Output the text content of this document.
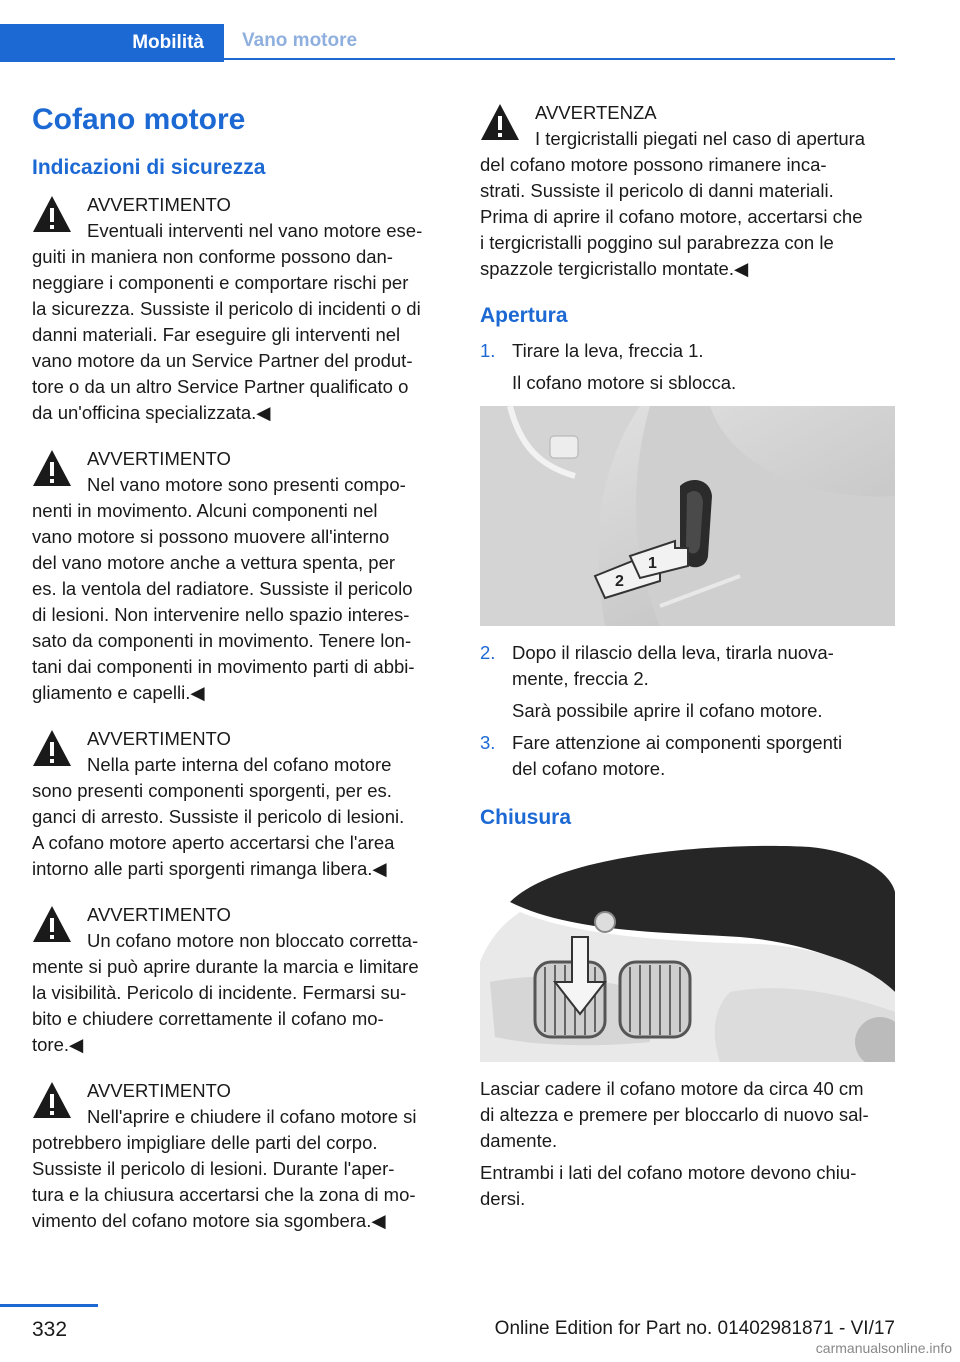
Mobilità	Vano motore
Cofano motore
Indicazioni di sicurezza
AVVERTIMENTO
Eventuali interventi nel vano motore ese-
guiti in maniera non conforme possono dan-
neggiare i componenti e comportare rischi per
la sicurezza. Sussiste il pericolo di incidenti o di
danni materiali. Far eseguire gli interventi nel
vano motore da un Service Partner del produt-
tore o da un altro Service Partner qualificato o
da un'officina specializzata.◀
AVVERTIMENTO
Nel vano motore sono presenti compo-
nenti in movimento. Alcuni componenti nel
vano motore si possono muovere all'interno
del vano motore anche a vettura spenta, per
es. la ventola del radiatore. Sussiste il pericolo
di lesioni. Non intervenire nello spazio interes-
sato da componenti in movimento. Tenere lon-
tani dai componenti in movimento parti di abbi-
gliamento e capelli.◀
AVVERTIMENTO
Nella parte interna del cofano motore
sono presenti componenti sporgenti, per es.
ganci di arresto. Sussiste il pericolo di lesioni.
A cofano motore aperto accertarsi che l'area
intorno alle parti sporgenti rimanga libera.◀
AVVERTIMENTO
Un cofano motore non bloccato corretta-
mente si può aprire durante la marcia e limitare
la visibilità. Pericolo di incidente. Fermarsi su-
bito e chiudere correttamente il cofano mo-
tore.◀
AVVERTIMENTO
Nell'aprire e chiudere il cofano motore si
potrebbero impigliare delle parti del corpo.
Sussiste il pericolo di lesioni. Durante l'aper-
tura e la chiusura accertarsi che la zona di mo-
vimento del cofano motore sia sgombera.◀
AVVERTENZA
I tergicristalli piegati nel caso di apertura
del cofano motore possono rimanere inca-
strati. Sussiste il pericolo di danni materiali.
Prima di aprire il cofano motore, accertarsi che
i tergicristalli poggino sul parabrezza con le
spazzole tergicristallo montate.◀
Apertura
1. Tirare la leva, freccia 1.
Il cofano motore si sblocca.
1
2
2. Dopo il rilascio della leva, tirarla nuova-
mente, freccia 2.
Sarà possibile aprire il cofano motore.
3. Fare attenzione ai componenti sporgenti
del cofano motore.
Chiusura
Lasciar cadere il cofano motore da circa 40 cm
di altezza e premere per bloccarlo di nuovo sal-
damente.
Entrambi i lati del cofano motore devono chiu-
dersi.
332	Online Edition for Part no. 01402981871 - VI/17
carmanualsonline.info
